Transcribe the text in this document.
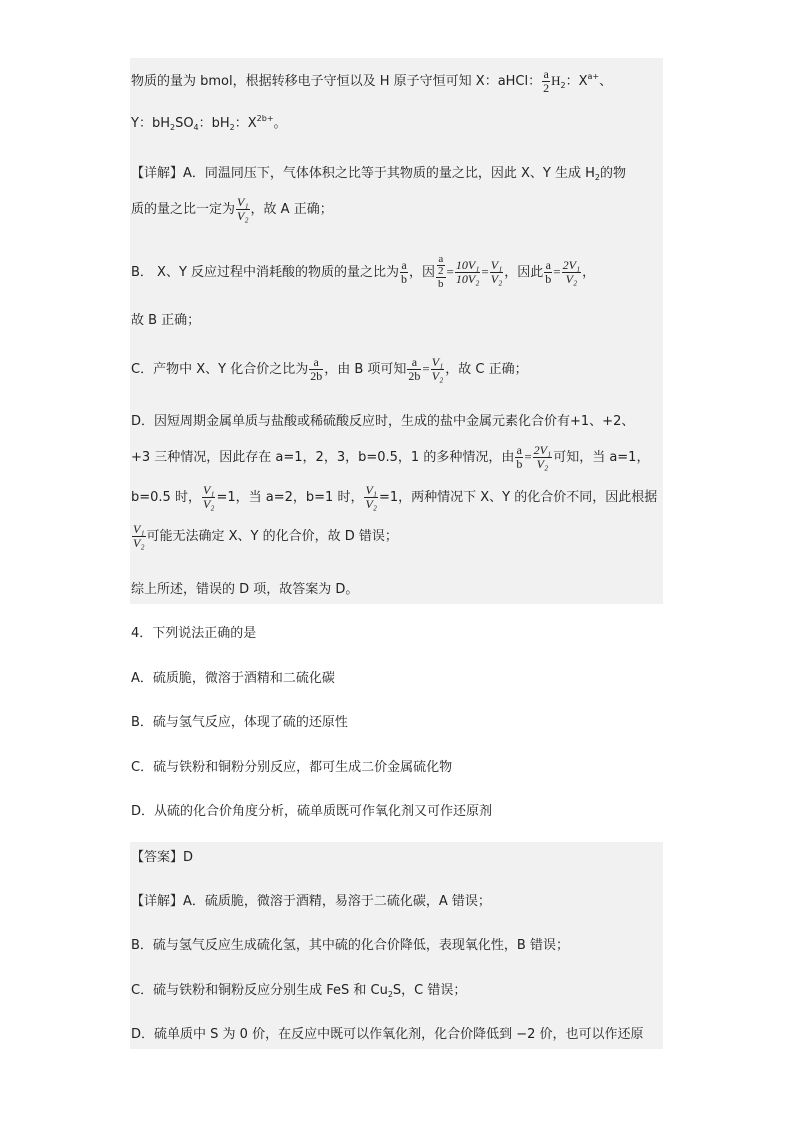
物质的量为 bmol，根据转移电子守恒以及 H 原子守恒可知 X：aHCl： $\frac{a}{2} H_2$：$X^{a+}$、
Y：$bH_2SO_4$：$bH_2$：$X^{2b+}$。
【详解】A．同温同压下，气体体积之比等于其物质的量之比，因此 X、Y 生成 $H_2$的物
质的量之比一定为 $\frac{\text{V₁}}{\text{V₂}}$ ，故 A 正确；
B． X、Y 反应过程中消耗酸的物质的量之比为 $\frac{a}{b}$ ，因 $\frac{\frac{a}{2}}{b} = \frac{\text{10V₁}}{\text{10V₂}} = \frac{\text{V₁}}{\text{V₂}}$ ，因此 $\frac{a}{b} = \frac{\text{2V₁}}{\text{V₂}}$ ，
故 B 正确；
C．产物中 X、Y 化合价之比为 $\frac{a}{2b}$ ，由 B 项可知 $\frac{a}{2b} = \frac{\text{V₁}}{\text{V₂}}$ ，故 C 正确；
D．因短周期金属单质与盐酸或稀硫酸反应时，生成的盐中金属元素化合价有+1、+2、
+3 三种情况，因此存在 a=1，2，3，b=0.5，1 的多种情况，由 $\frac{a}{b} = \frac{\text{2V₁}}{\text{V₂}}$ 可知，当 a=1，
b=0.5 时， $\frac{\text{V₁}}{\text{V₂}} =1$，当 a=2，b=1 时， $\frac{\text{V₁}}{\text{V₂}} =1$，两种情况下 X、Y 的化合价不同，因此根据
$\frac{\text{V₁}}{\text{V₂}}$ 可能无法确定 X、Y 的化合价，故 D 错误；
综上所述，错误的 D 项，故答案为 D。
4．下列说法正确的是
A．硫质脆，微溶于酒精和二硫化碳
B．硫与氢气反应，体现了硫的还原性
C．硫与铁粉和铜粉分别反应，都可生成二价金属硫化物
D．从硫的化合价角度分析，硫单质既可作氧化剂又可作还原剂
【答案】D
【详解】A．硫质脆，微溶于酒精，易溶于二硫化碳，A 错误；
B．硫与氢气反应生成硫化氢，其中硫的化合价降低，表现氧化性，B 错误；
C．硫与铁粉和铜粉反应分别生成 FeS 和 $Cu_2S$，C 错误；
D．硫单质中 S 为 0 价，在反应中既可以作氧化剂，化合价降低到 −2 价，也可以作还原
